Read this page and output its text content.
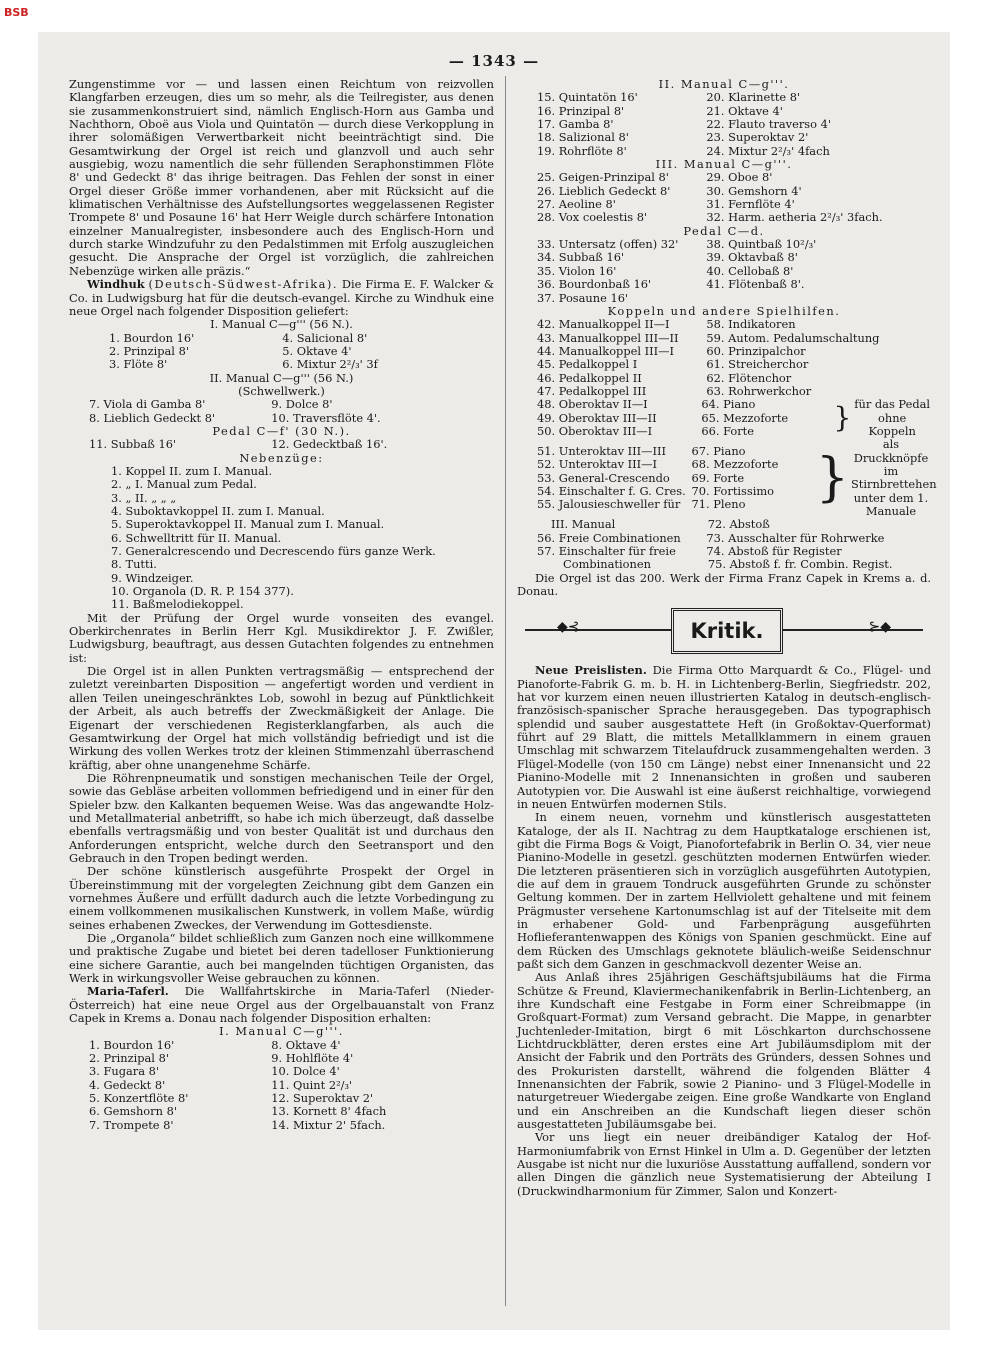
BSB
— 1343 —

Zungenstimme vor — und lassen einen Reichtum von reizvollen Klangfarben erzeugen, dies um so mehr, als die Teilregister, aus denen sie zusammenkonstruiert sind, nämlich Englisch-Horn aus Gamba und Nachthorn, Oboë aus Viola und Quintatön — durch diese Verkopplung in ihrer solomäßigen Verwertbarkeit nicht beeinträchtigt sind. Die Gesamtwirkung der Orgel ist reich und glanzvoll und auch sehr ausgiebig, wozu namentlich die sehr füllenden Seraphonstimmen Flöte 8' und Gedeckt 8' das ihrige beitragen. Das Fehlen der sonst in einer Orgel dieser Größe immer vorhandenen, aber mit Rücksicht auf die klimatischen Verhältnisse des Aufstellungsortes weggelassenen Register Trompete 8' und Posaune 16' hat Herr Weigle durch schärfere Intonation einzelner Manualregister, insbesondere auch des Englisch-Horn und durch starke Windzufuhr zu den Pedalstimmen mit Erfolg auszugleichen gesucht. Die Ansprache der Orgel ist vorzüglich, die zahlreichen Nebenzüge wirken alle präzis.“

Windhuk (Deutsch-Südwest-Afrika). Die Firma E. F. Walcker & Co. in Ludwigsburg hat für die deutsch-evangel. Kirche zu Windhuk eine neue Orgel nach folgender Disposition geliefert:

I. Manual C—g''' (56 N.).

1. Bourdon 16'	4. Salicional 8'
2. Prinzipal 8'	5. Oktave 4'
3. Flöte 8'	6. Mixtur 2²/₃' 3f

II. Manual C—g''' (56 N.)

(Schwellwerk.)

7. Viola di Gamba 8'	9. Dolce 8'
8. Lieblich Gedeckt 8'	10. Traversflöte 4'.

Pedal C—f' (30 N.).

11. Subbaß 16'	12. Gedecktbaß 16'.

Nebenzüge:

1. Koppel II. zum I. Manual.

2. „ I. Manual zum Pedal.

3. „ II. „ „ „

4. Suboktavkoppel II. zum I. Manual.

5. Superoktavkoppel II. Manual zum I. Manual.

6. Schwelltritt für II. Manual.

7. Generalcrescendo und Decrescendo fürs ganze Werk.

8. Tutti.

9. Windzeiger.

10. Organola (D. R. P. 154 377).

11. Baßmelodiekoppel.

Mit der Prüfung der Orgel wurde vonseiten des evangel. Oberkirchenrates in Berlin Herr Kgl. Musikdirektor J. F. Zwißler, Ludwigsburg, beauftragt, aus dessen Gutachten folgendes zu entnehmen ist:

Die Orgel ist in allen Punkten vertragsmäßig — entsprechend der zuletzt vereinbarten Disposition — angefertigt worden und verdient in allen Teilen uneingeschränktes Lob, sowohl in bezug auf Pünktlichkeit der Arbeit, als auch betreffs der Zweckmäßigkeit der Anlage. Die Eigenart der verschiedenen Registerklangfarben, als auch die Gesamtwirkung der Orgel hat mich vollständig befriedigt und ist die Wirkung des vollen Werkes trotz der kleinen Stimmenzahl überraschend kräftig, aber ohne unangenehme Schärfe.

Die Röhrenpneumatik und sonstigen mechanischen Teile der Orgel, sowie das Gebläse arbeiten vollommen befriedigend und in einer für den Spieler bzw. den Kalkanten bequemen Weise. Was das angewandte Holz- und Metallmaterial anbetrifft, so habe ich mich überzeugt, daß dasselbe ebenfalls vertragsmäßig und von bester Qualität ist und durchaus den Anforderungen entspricht, welche durch den Seetransport und den Gebrauch in den Tropen bedingt werden.

Der schöne künstlerisch ausgeführte Prospekt der Orgel in Übereinstimmung mit der vorgelegten Zeichnung gibt dem Ganzen ein vornehmes Äußere und erfüllt dadurch auch die letzte Vorbedingung zu einem vollkommenen musikalischen Kunstwerk, in vollem Maße, würdig seines erhabenen Zweckes, der Verwendung im Gottesdienste.

Die „Organola“ bildet schließlich zum Ganzen noch eine willkommene und praktische Zugabe und bietet bei deren tadelloser Funktionierung eine sichere Garantie, auch bei mangelnden tüchtigen Organisten, das Werk in wirkungsvoller Weise gebrauchen zu können.

Maria-Taferl. Die Wallfahrtskirche in Maria-Taferl (Nieder-Österreich) hat eine neue Orgel aus der Orgelbauanstalt von Franz Capek in Krems a. Donau nach folgender Disposition erhalten:

I. Manual C—g'''.

1. Bourdon 16'	8. Oktave 4'
2. Prinzipal 8'	9. Hohlflöte 4'
3. Fugara 8'	10. Dolce 4'
4. Gedeckt 8'	11. Quint 2²/₃'
5. Konzertflöte 8'	12. Superoktav 2'
6. Gemshorn 8'	13. Kornett 8' 4fach
7. Trompete 8'	14. Mixtur 2' 5fach.

II. Manual C—g'''.

15. Quintatön 16'	20. Klarinette 8'
16. Prinzipal 8'	21. Oktave 4'
17. Gamba 8'	22. Flauto traverso 4'
18. Salizional 8'	23. Superoktav 2'
19. Rohrflöte 8'	24. Mixtur 2²/₃' 4fach

III. Manual C—g'''.

25. Geigen-Prinzipal 8'	29. Oboe 8'
26. Lieblich Gedeckt 8'	30. Gemshorn 4'
27. Aeoline 8'	31. Fernflöte 4'
28. Vox coelestis 8'	32. Harm. aetheria 2²/₃' 3fach.

Pedal C—d.

33. Untersatz (offen) 32'	38. Quintbaß 10²/₃'
34. Subbaß 16'	39. Oktavbaß 8'
35. Violon 16'	40. Cellobaß 8'
36. Bourdonbaß 16'	41. Flötenbaß 8'.
37. Posaune 16'

Koppeln und andere Spielhilfen.

42. Manualkoppel II—I	58. Indikatoren
43. Manualkoppel III—II	59. Autom. Pedalumschaltung
44. Manualkoppel III—I	60. Prinzipalchor
45. Pedalkoppel I	61. Streicherchor
46. Pedalkoppel II	62. Flötenchor
47. Pedalkoppel III	63. Rohrwerkchor
48. Oberoktav II—I	64. Piano
49. Oberoktav III—II	65. Mezzoforte
50. Oberoktav III—I	66. Forte	} für das Pedal ohne Koppeln
51. Unteroktav III—III	67. Piano
52. Unteroktav III—I	68. Mezzoforte
53. General-Crescendo	69. Forte
54. Einschalter f. G. Cres. 70. Fortissimo
55. Jalousieschweller für 71. Pleno }
als Druckknöpfe im Stirnbrettehen unter dem 1. Manuale
III. Manual	72. Abstoß
56. Freie Combinationen	73. Ausschalter für Rohrwerke
57. Einschalter für freie	74. Abstoß für Register
Combinationen	75. Abstoß f. fr. Combin. Regist.

Die Orgel ist das 200. Werk der Firma Franz Capek in Krems a. d. Donau.

◆⊰	⊱◆
Kritik.

Neue Preislisten. Die Firma Otto Marquardt & Co., Flügel- und Pianoforte-Fabrik G. m. b. H. in Lichtenberg-Berlin, Siegfriedstr. 202, hat vor kurzem einen neuen illustrierten Katalog in deutsch-englisch-französisch-spanischer Sprache herausgegeben. Das typographisch splendid und sauber ausgestattete Heft (in Großoktav-Querformat) führt auf 29 Blatt, die mittels Metallklammern in einem grauen Umschlag mit schwarzem Titelaufdruck zusammengehalten werden. 3 Flügel-Modelle (von 150 cm Länge) nebst einer Innenansicht und 22 Pianino-Modelle mit 2 Innenansichten in großen und sauberen Autotypien vor. Die Auswahl ist eine äußerst reichhaltige, vorwiegend in neuen Entwürfen modernen Stils.

In einem neuen, vornehm und künstlerisch ausgestatteten Kataloge, der als II. Nachtrag zu dem Hauptkataloge erschienen ist, gibt die Firma Bogs & Voigt, Pianofortefabrik in Berlin O. 34, vier neue Pianino-Modelle in gesetzl. geschützten modernen Entwürfen wieder. Die letzteren präsentieren sich in vorzüglich ausgeführten Autotypien, die auf dem in grauem Tondruck ausgeführten Grunde zu schönster Geltung kommen. Der in zartem Hellviolett gehaltene und mit feinem Prägmuster versehene Kartonumschlag ist auf der Titelseite mit dem in erhabener Gold- und Farbenprägung ausgeführten Hoflieferantenwappen des Königs von Spanien geschmückt. Eine auf dem Rücken des Umschlags geknotete bläulich-weiße Seidenschnur paßt sich dem Ganzen in geschmackvoll dezenter Weise an.

Aus Anlaß ihres 25jährigen Geschäftsjubiläums hat die Firma Schütze & Freund, Klaviermechanikenfabrik in Berlin-Lichtenberg, an ihre Kundschaft eine Festgabe in Form einer Schreibmappe (in Großquart-Format) zum Versand gebracht. Die Mappe, in genarbter Juchtenleder-Imitation, birgt 6 mit Löschkarton durchschossene Lichtdruckblätter, deren erstes eine Art Jubiläumsdiplom mit der Ansicht der Fabrik und den Porträts des Gründers, dessen Sohnes und des Prokuristen darstellt, während die folgenden Blätter 4 Innenansichten der Fabrik, sowie 2 Pianino- und 3 Flügel-Modelle in naturgetreuer Wiedergabe zeigen. Eine große Wandkarte von England und ein Anschreiben an die Kundschaft liegen dieser schön ausgestatteten Jubiläumsgabe bei.

Vor uns liegt ein neuer dreibändiger Katalog der Hof-Harmoniumfabrik von Ernst Hinkel in Ulm a. D. Gegenüber der letzten Ausgabe ist nicht nur die luxuriöse Ausstattung auffallend, sondern vor allen Dingen die gänzlich neue Systematisierung der Abteilung I (Druckwindharmonium für Zimmer, Salon und Konzert-
